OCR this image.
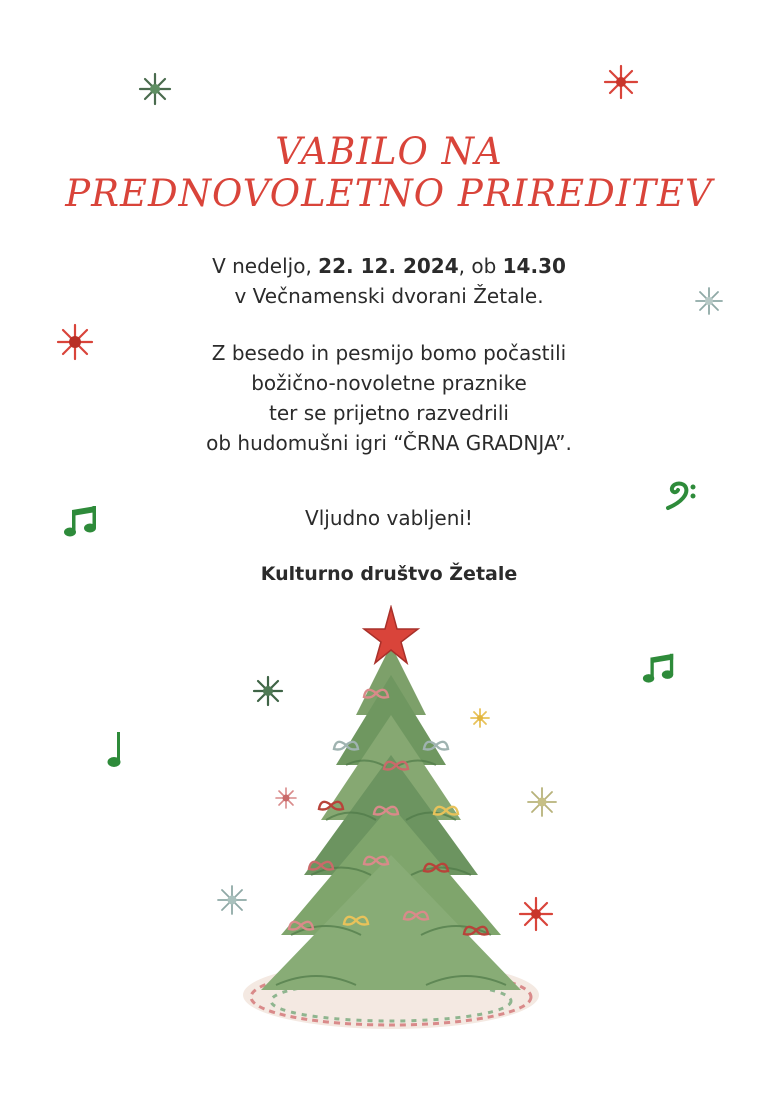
VABILO NA
PREDNOVOLETNO PRIREDITEV
V nedeljo, 22. 12. 2024, ob 14.30
v Večnamenski dvorani Žetale.
Z besedo in pesmijo bomo počastili
božično-novoletne praznike
ter se prijetno razvedrili
ob hudomušni igri “ČRNA GRADNJA”.
Vljudno vabljeni!
Kulturno društvo Žetale
